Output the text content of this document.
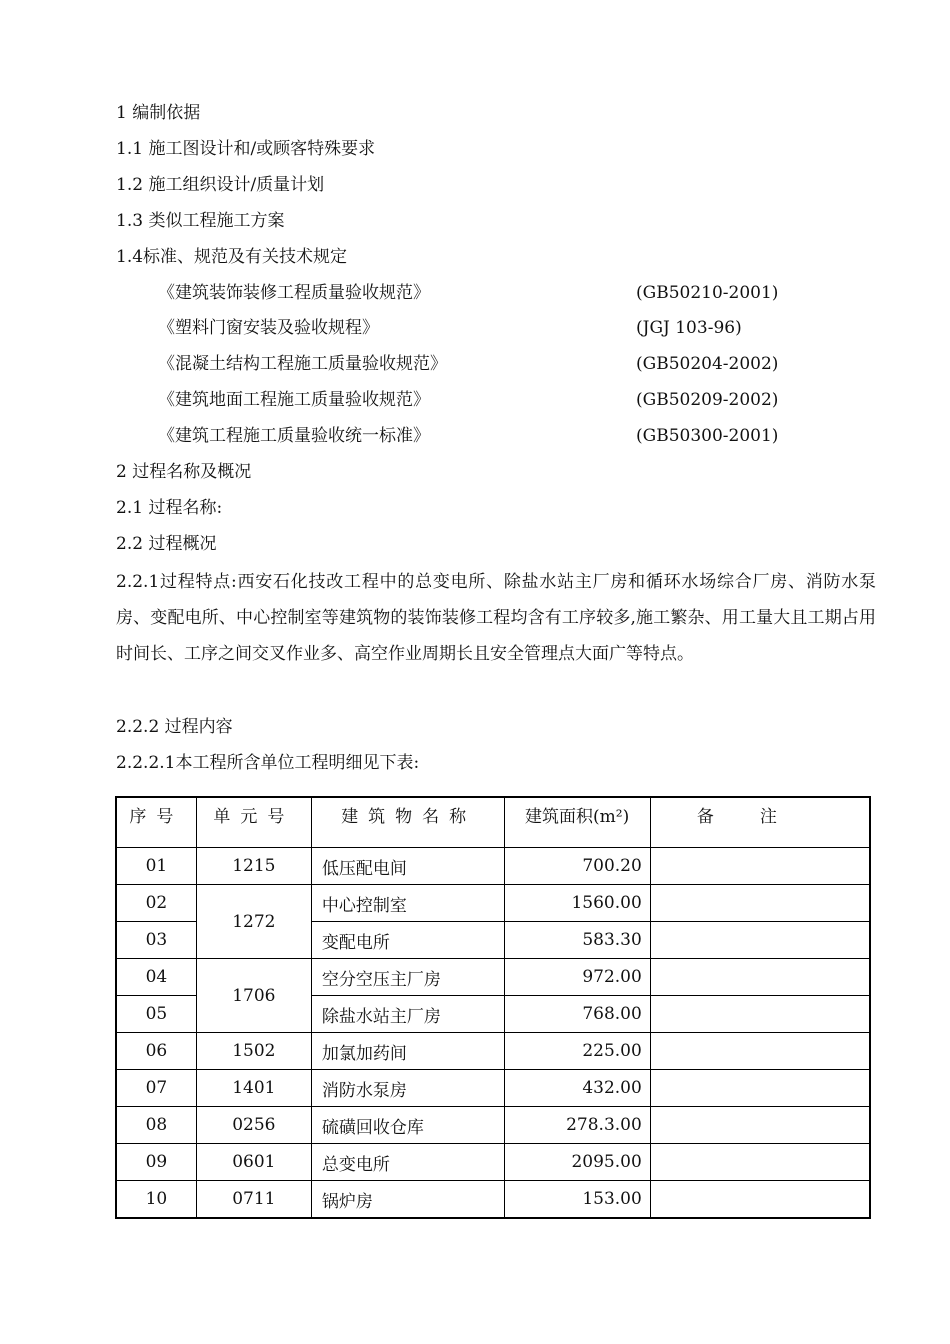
1 编制依据
1.1 施工图设计和/或顾客特殊要求
1.2 施工组织设计/质量计划
1.3 类似工程施工方案
1.4标准、规范及有关技术规定
《建筑装饰装修工程质量验收规范》	(GB50210-2001)
《塑料门窗安装及验收规程》	(JGJ 103-96)
《混凝土结构工程施工质量验收规范》	(GB50204-2002)
《建筑地面工程施工质量验收规范》	(GB50209-2002)
《建筑工程施工质量验收统一标准》	(GB50300-2001)
2 过程名称及概况
2.1 过程名称:
2.2 过程概况
2.2.1过程特点:西安石化技改工程中的总变电所、除盐水站主厂房和循环水场综合厂房、消防水泵房、变配电所、中心控制室等建筑物的装饰装修工程均含有工序较多,施工繁杂、用工量大且工期占用时间长、工序之间交叉作业多、高空作业周期长且安全管理点大面广等特点。
2.2.2 过程内容
2.2.2.1本工程所含单位工程明细见下表:
序号	单元号	建筑物名称	建筑面积(m²)	备注
01	1215	低压配电间	700.20	
02	1272	中心控制室	1560.00	
03		变配电所	583.30	
04	1706	空分空压主厂房	972.00	
05		除盐水站主厂房	768.00	
06	1502	加氯加药间	225.00	
07	1401	消防水泵房	432.00	
08	0256	硫磺回收仓库	278.3.00	
09	0601	总变电所	2095.00	
10	0711	锅炉房	153.00	
